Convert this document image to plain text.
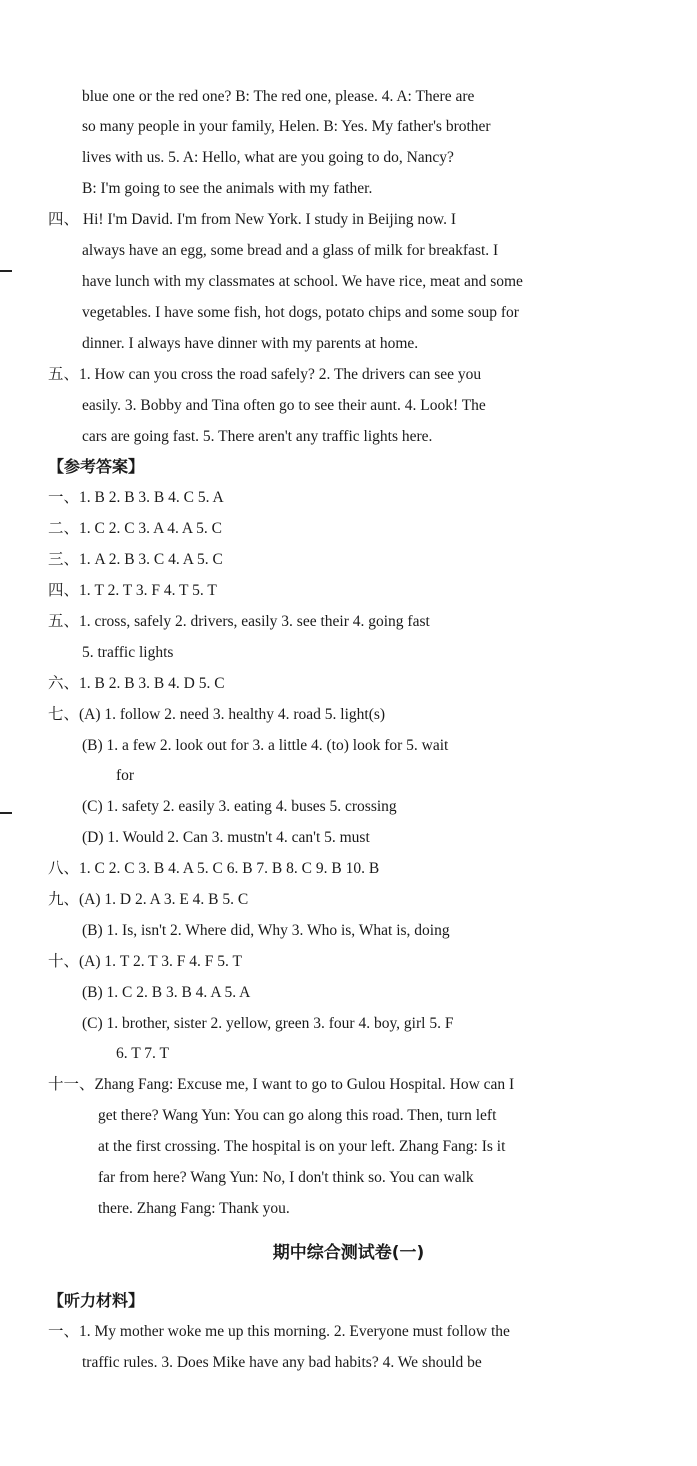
blue one or the red one? B: The red one, please. 4. A: There are
so many people in your family, Helen. B: Yes. My father's brother
lives with us. 5. A: Hello, what are you going to do, Nancy?
B: I'm going to see the animals with my father.
四、 Hi! I'm David. I'm from New York. I study in Beijing now. I
always have an egg, some bread and a glass of milk for breakfast. I
have lunch with my classmates at school. We have rice, meat and some
vegetables. I have some fish, hot dogs, potato chips and some soup for
dinner. I always have dinner with my parents at home.
五、1. How can you cross the road safely? 2. The drivers can see you
easily. 3. Bobby and Tina often go to see their aunt. 4. Look! The
cars are going fast. 5. There aren't any traffic lights here.
【参考答案】
一、1. B 2. B 3. B 4. C 5. A
二、1. C 2. C 3. A 4. A 5. C
三、1. A 2. B 3. C 4. A 5. C
四、1. T 2. T 3. F 4. T 5. T
五、1. cross, safely 2. drivers, easily 3. see their 4. going fast
5. traffic lights
六、1. B 2. B 3. B 4. D 5. C
七、(A) 1. follow 2. need 3. healthy 4. road 5. light(s)
(B) 1. a few 2. look out for 3. a little 4. (to) look for 5. wait
for
(C) 1. safety 2. easily 3. eating 4. buses 5. crossing
(D) 1. Would 2. Can 3. mustn't 4. can't 5. must
八、1. C 2. C 3. B 4. A 5. C 6. B 7. B 8. C 9. B 10. B
九、(A) 1. D 2. A 3. E 4. B 5. C
(B) 1. Is, isn't 2. Where did, Why 3. Who is, What is, doing
十、(A) 1. T 2. T 3. F 4. F 5. T
(B) 1. C 2. B 3. B 4. A 5. A
(C) 1. brother, sister 2. yellow, green 3. four 4. boy, girl 5. F
6. T 7. T
十一、Zhang Fang: Excuse me, I want to go to Gulou Hospital. How can I
get there? Wang Yun: You can go along this road. Then, turn left
at the first crossing. The hospital is on your left. Zhang Fang: Is it
far from here? Wang Yun: No, I don't think so. You can walk
there. Zhang Fang: Thank you.
【听力材料】
一、1. My mother woke me up this morning. 2. Everyone must follow the
traffic rules. 3. Does Mike have any bad habits? 4. We should be
期中综合测试卷(一)
